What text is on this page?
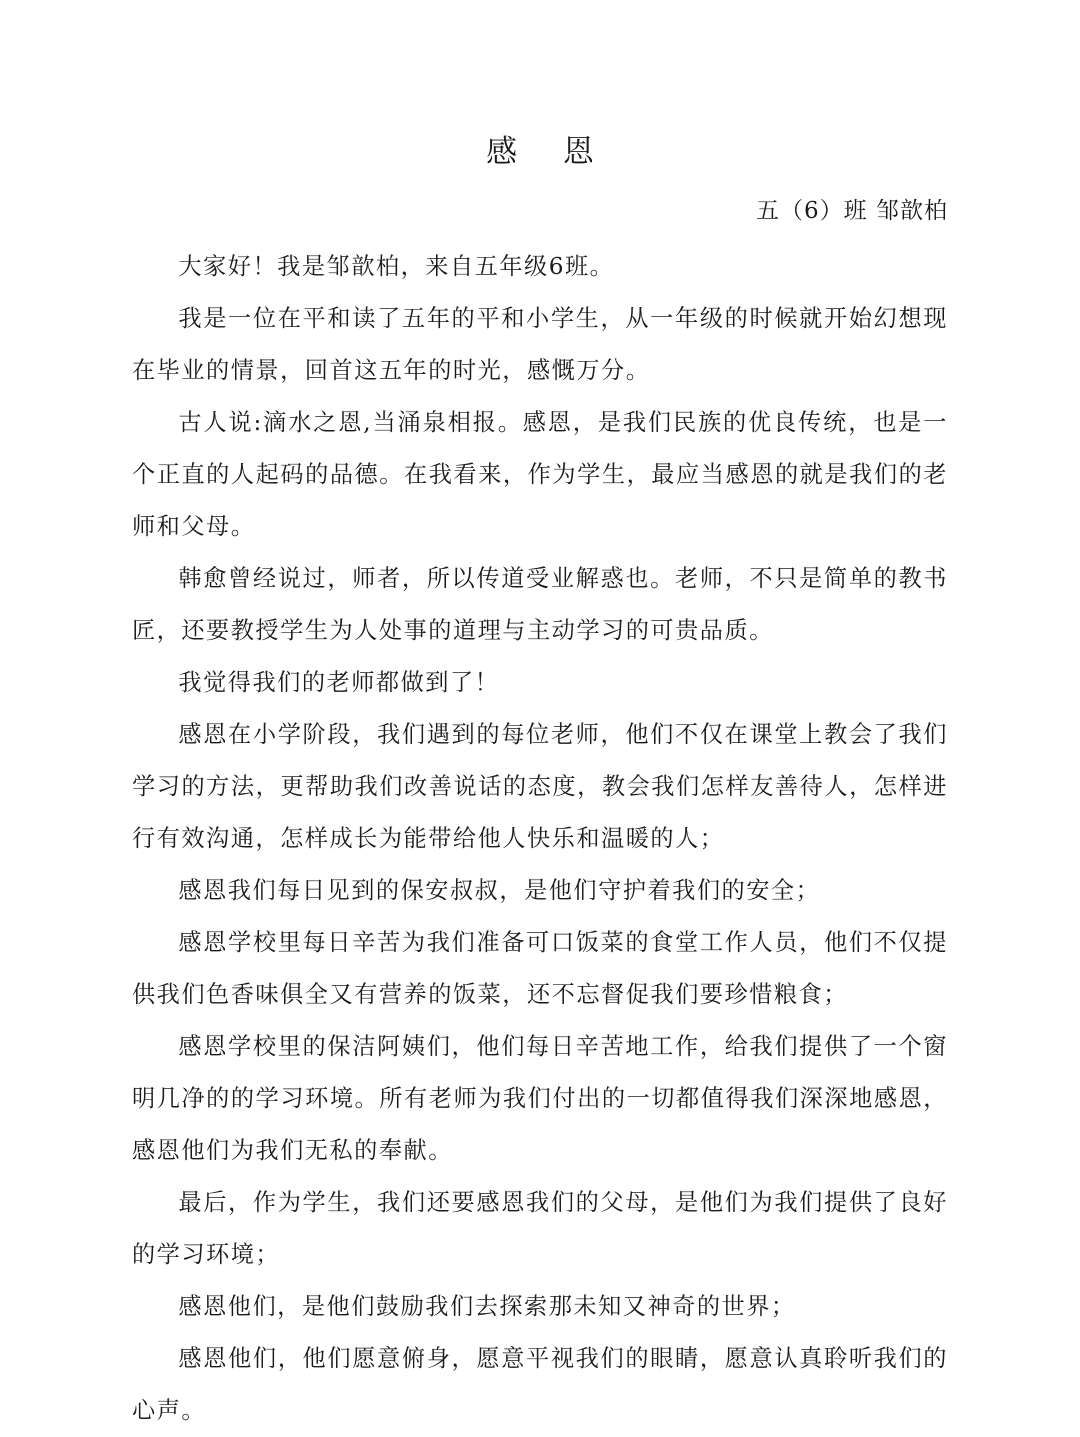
感 恩
五（6）班 邹歆柏

大家好！我是邹歆柏，来自五年级6班。

我是一位在平和读了五年的平和小学生，从一年级的时候就开始幻想现在毕业的情景，回首这五年的时光，感慨万分。

古人说:滴水之恩,当涌泉相报。感恩，是我们民族的优良传统，也是一个正直的人起码的品德。在我看来，作为学生，最应当感恩的就是我们的老师和父母。

韩愈曾经说过，师者，所以传道受业解惑也。老师，不只是简单的教书匠，还要教授学生为人处事的道理与主动学习的可贵品质。

我觉得我们的老师都做到了！

感恩在小学阶段，我们遇到的每位老师，他们不仅在课堂上教会了我们学习的方法，更帮助我们改善说话的态度，教会我们怎样友善待人，怎样进行有效沟通，怎样成长为能带给他人快乐和温暖的人；

感恩我们每日见到的保安叔叔，是他们守护着我们的安全；

感恩学校里每日辛苦为我们准备可口饭菜的食堂工作人员，他们不仅提供我们色香味俱全又有营养的饭菜，还不忘督促我们要珍惜粮食；

感恩学校里的保洁阿姨们，他们每日辛苦地工作，给我们提供了一个窗明几净的的学习环境。所有老师为我们付出的一切都值得我们深深地感恩，感恩他们为我们无私的奉献。

最后，作为学生，我们还要感恩我们的父母，是他们为我们提供了良好的学习环境；

感恩他们，是他们鼓励我们去探索那未知又神奇的世界；

感恩他们，他们愿意俯身，愿意平视我们的眼睛，愿意认真聆听我们的心声。
